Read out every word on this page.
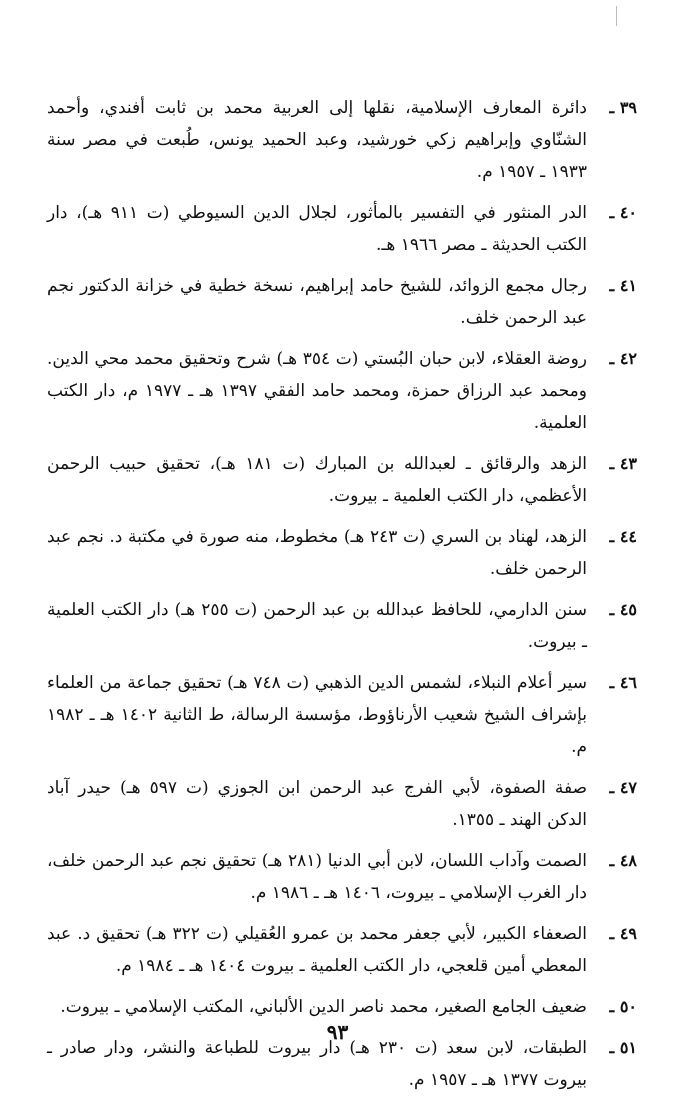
٣٩ ـ
دائرة المعارف الإسلامية، نقلها إلى العربية محمد بن ثابت أفندي، وأحمد الشنّاوي وإبراهيم زكي خورشيد، وعبد الحميد يونس، طُبعت في مصر سنة ١٩٣٣ ـ ١٩٥٧ م.
٤٠ ـ
الدر المنثور في التفسير بالمأثور، لجلال الدين السيوطي (ت ٩١١ هـ)، دار الكتب الحديثة ـ مصر ١٩٦٦ هـ.
٤١ ـ
رجال مجمع الزوائد، للشيخ حامد إبراهيم، نسخة خطية في خزانة الدكتور نجم عبد الرحمن خلف.
٤٢ ـ
روضة العقلاء، لابن حبان البُستي (ت ٣٥٤ هـ) شرح وتحقيق محمد محي الدين. ومحمد عبد الرزاق حمزة، ومحمد حامد الفقي ١٣٩٧ هـ ـ ١٩٧٧ م، دار الكتب العلمية.
٤٣ ـ
الزهد والرقائق ـ لعبدالله بن المبارك (ت ١٨١ هـ)، تحقيق حبيب الرحمن الأعظمي، دار الكتب العلمية ـ بيروت.
٤٤ ـ
الزهد، لهناد بن السري (ت ٢٤٣ هـ) مخطوط، منه صورة في مكتبة د. نجم عبد الرحمن خلف.
٤٥ ـ
سنن الدارمي، للحافظ عبدالله بن عبد الرحمن (ت ٢٥٥ هـ) دار الكتب العلمية ـ بيروت.
٤٦ ـ
سير أعلام النبلاء، لشمس الدين الذهبي (ت ٧٤٨ هـ) تحقيق جماعة من العلماء بإشراف الشيخ شعيب الأرناؤوط، مؤسسة الرسالة، ط الثانية ١٤٠٢ هـ ـ ١٩٨٢ م.
٤٧ ـ
صفة الصفوة، لأبي الفرج عبد الرحمن ابن الجوزي (ت ٥٩٧ هـ) حيدر آباد الدكن الهند ـ ١٣٥٥.
٤٨ ـ
الصمت وآداب اللسان، لابن أبي الدنيا (٢٨١ هـ) تحقيق نجم عبد الرحمن خلف، دار الغرب الإسلامي ـ بيروت، ١٤٠٦ هـ ـ ١٩٨٦ م.
٤٩ ـ
الصعفاء الكبير، لأبي جعفر محمد بن عمرو العُقيلي (ت ٣٢٢ هـ) تحقيق د. عبد المعطي أمين قلعجي، دار الكتب العلمية ـ بيروت ١٤٠٤ هـ ـ ١٩٨٤ م.
٥٠ ـ
ضعيف الجامع الصغير، محمد ناصر الدين الألباني، المكتب الإسلامي ـ بيروت.
٥١ ـ
الطبقات، لابن سعد (ت ٢٣٠ هـ) دار بيروت للطباعة والنشر، ودار صادر ـ بيروت ١٣٧٧ هـ ـ ١٩٥٧ م.
٩٣
